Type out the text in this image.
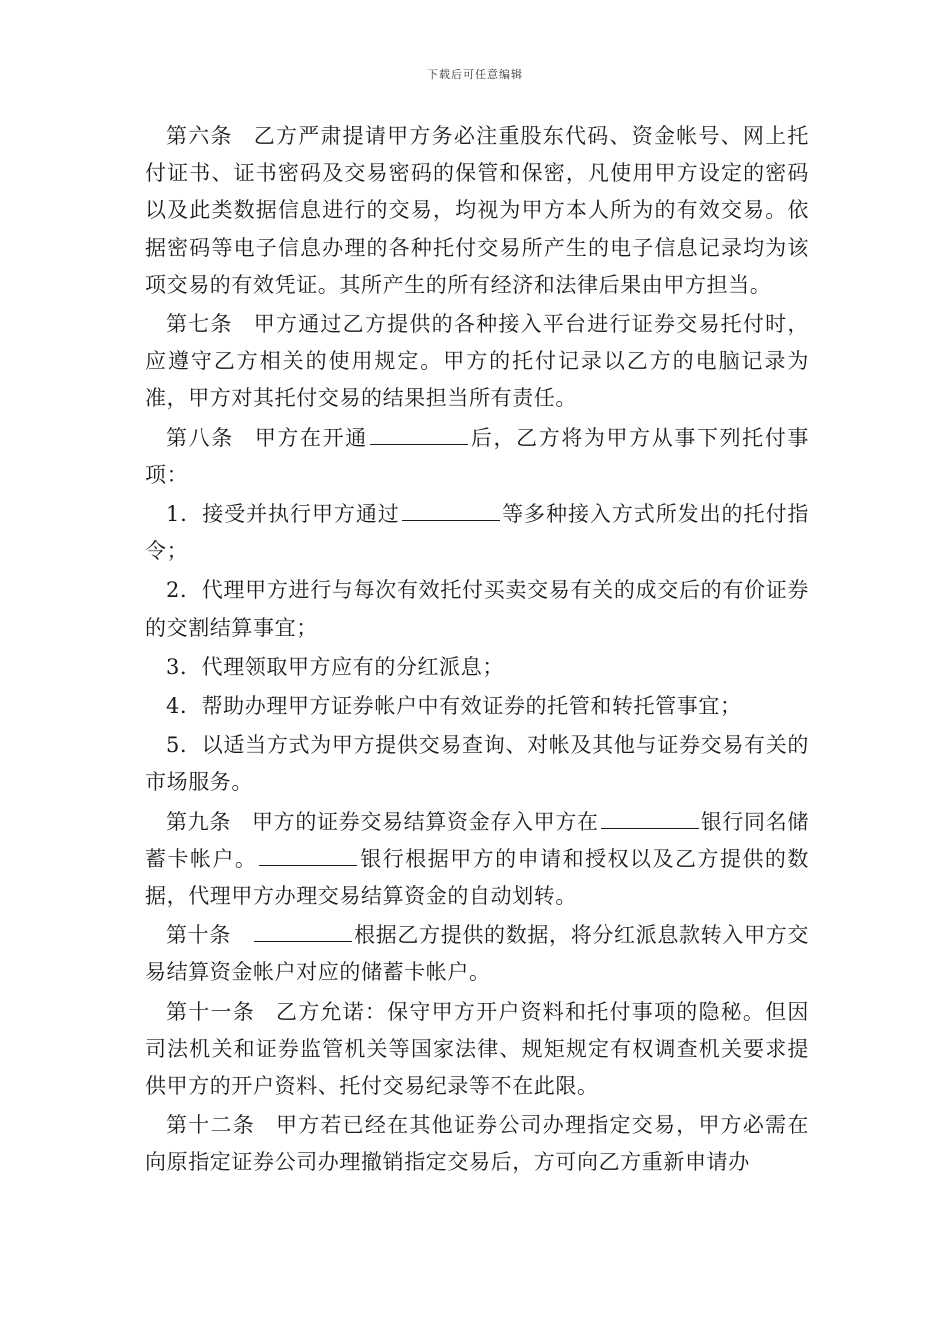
下载后可任意编辑

第六条 乙方严肃提请甲方务必注重股东代码、资金帐号、网上托付证书、证书密码及交易密码的保管和保密，凡使用甲方设定的密码以及此类数据信息进行的交易，均视为甲方本人所为的有效交易。依据密码等电子信息办理的各种托付交易所产生的电子信息记录均为该项交易的有效凭证。其所产生的所有经济和法律后果由甲方担当。

第七条 甲方通过乙方提供的各种接入平台进行证券交易托付时，应遵守乙方相关的使用规定。甲方的托付记录以乙方的电脑记录为准，甲方对其托付交易的结果担当所有责任。

第八条 甲方在开通	后，乙方将为甲方从事下列托付事项：

1．接受并执行甲方通过	等多种接入方式所发出的托付指令；

2．代理甲方进行与每次有效托付买卖交易有关的成交后的有价证券的交割结算事宜；

3．代理领取甲方应有的分红派息；

4．帮助办理甲方证券帐户中有效证券的托管和转托管事宜；

5．以适当方式为甲方提供交易查询、对帐及其他与证券交易有关的市场服务。

第九条 甲方的证券交易结算资金存入甲方在	银行同名储蓄卡帐户。	银行根据甲方的申请和授权以及乙方提供的数据，代理甲方办理交易结算资金的自动划转。

第十条	根据乙方提供的数据，将分红派息款转入甲方交易结算资金帐户对应的储蓄卡帐户。

第十一条 乙方允诺：保守甲方开户资料和托付事项的隐秘。但因司法机关和证券监管机关等国家法律、规矩规定有权调查机关要求提供甲方的开户资料、托付交易纪录等不在此限。

第十二条 甲方若已经在其他证券公司办理指定交易，甲方必需在向原指定证券公司办理撤销指定交易后，方可向乙方重新申请办
